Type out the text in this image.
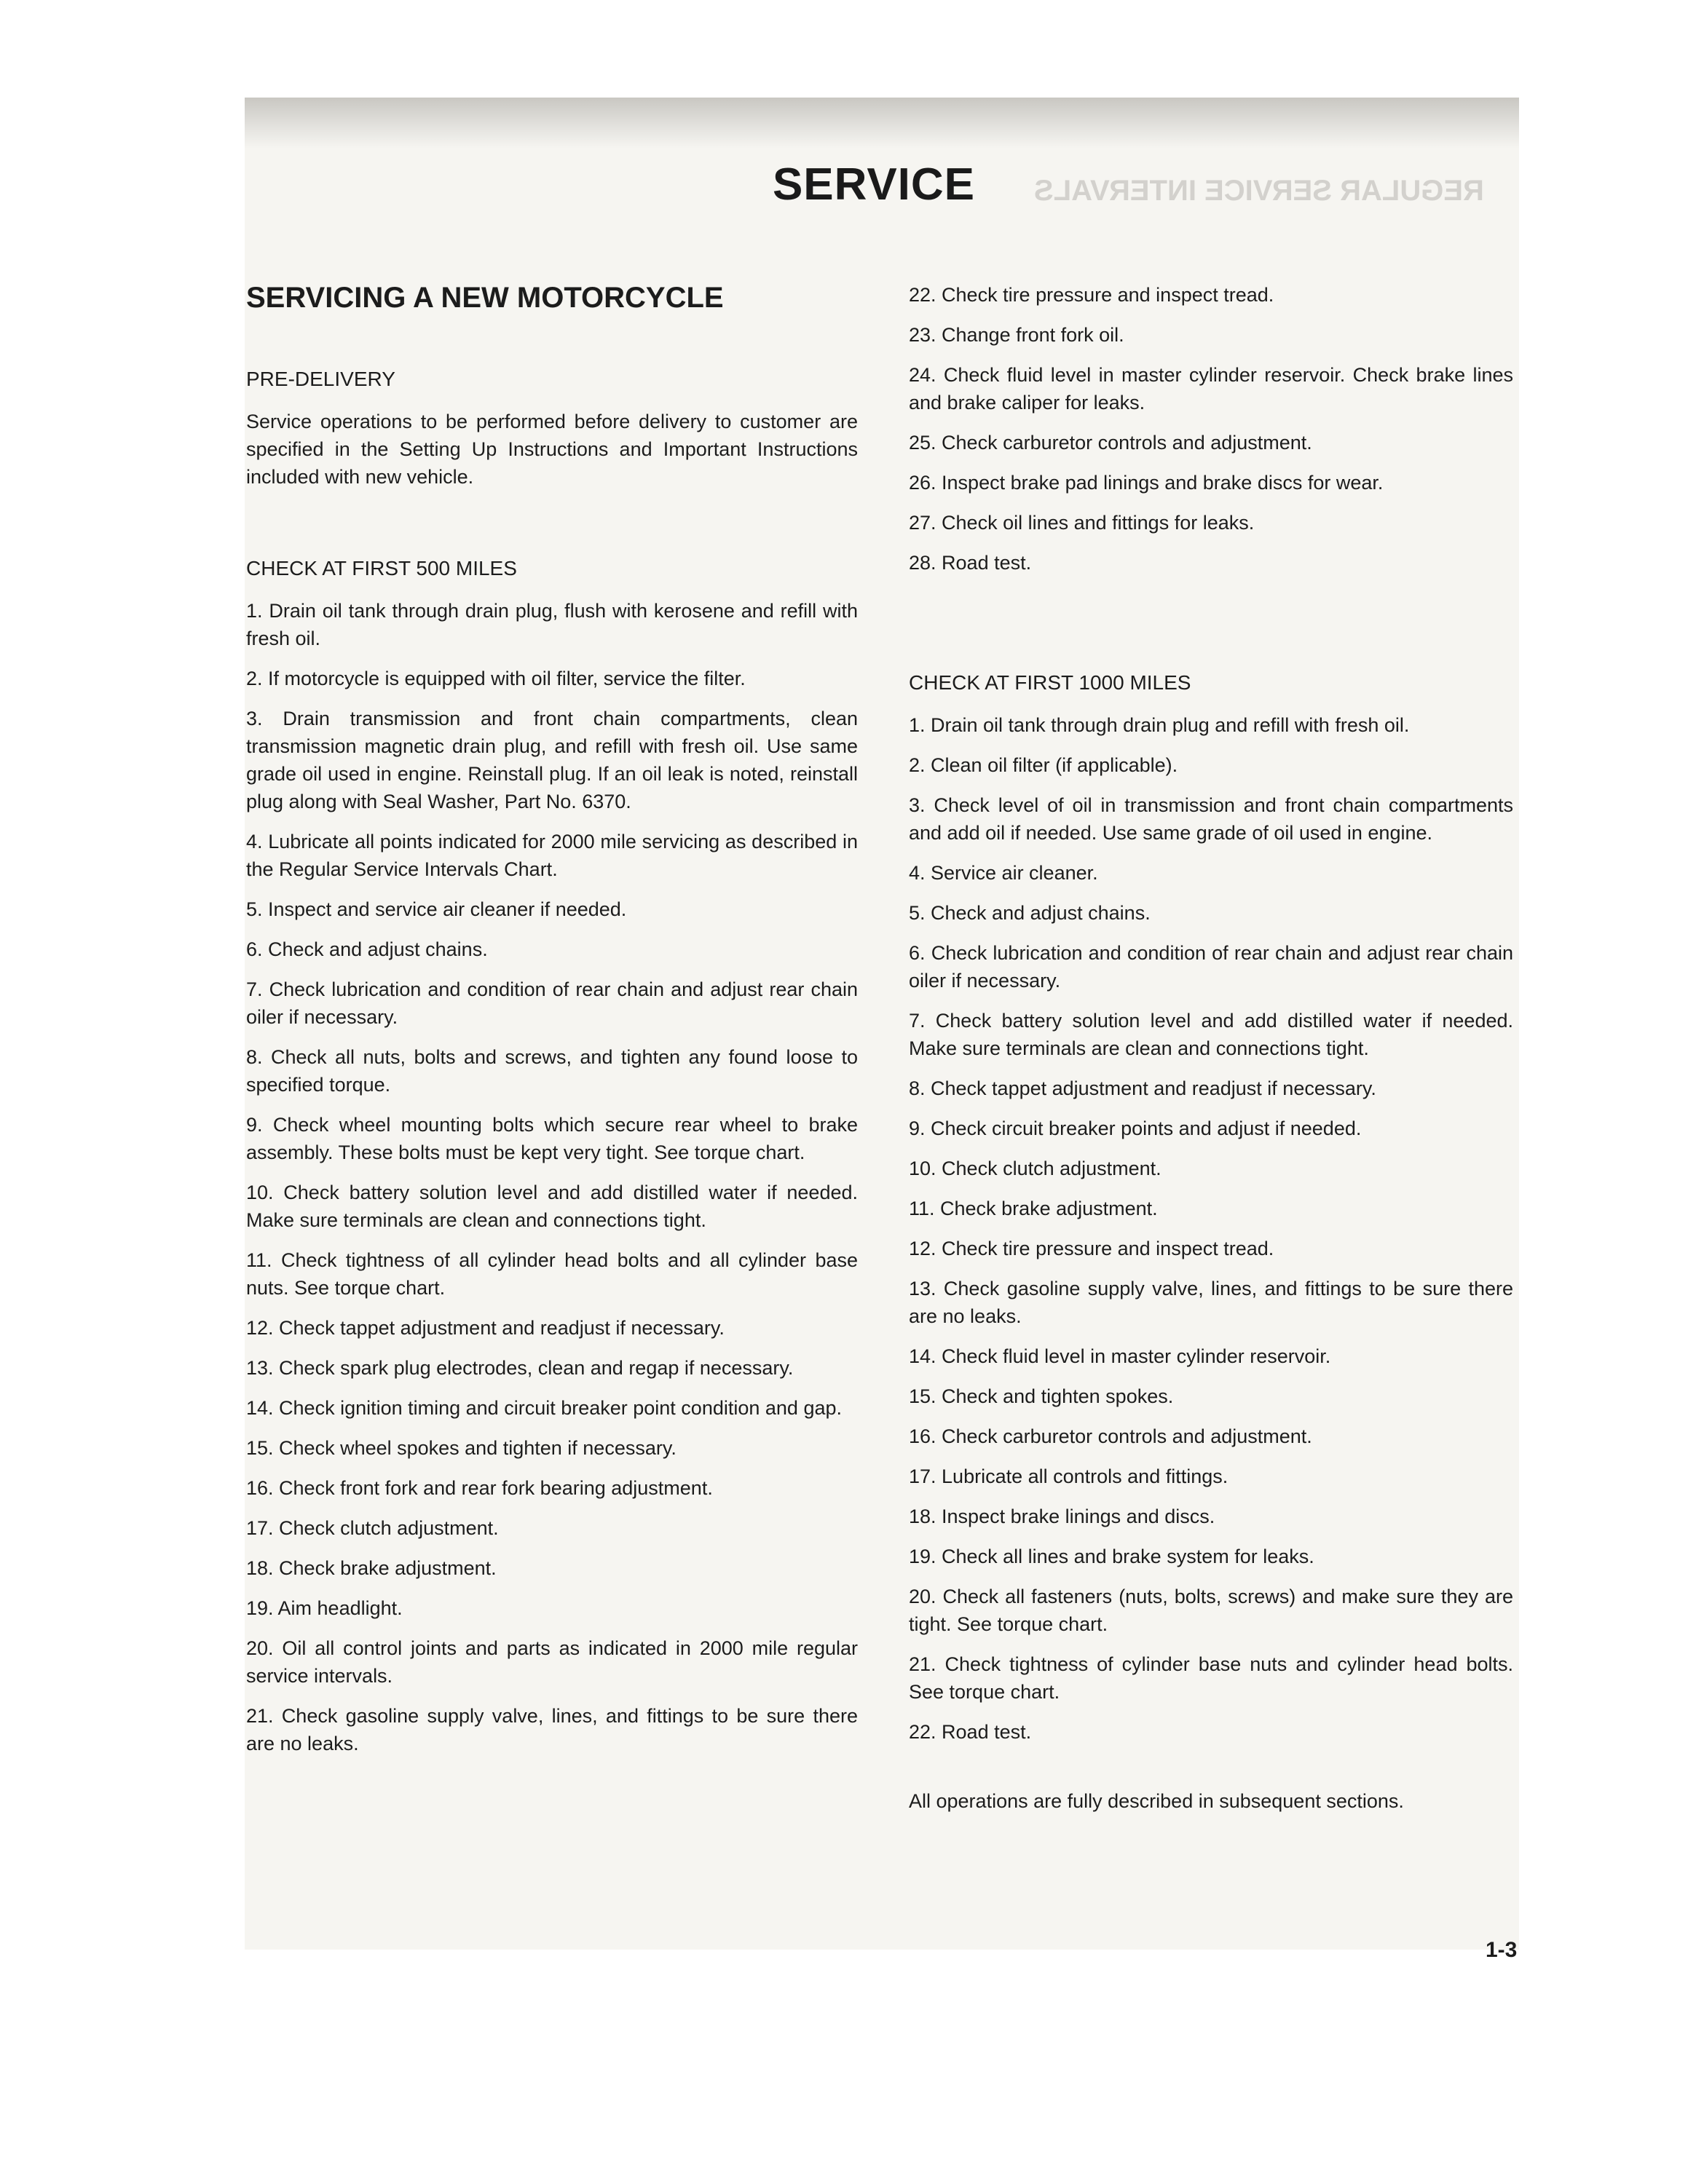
REGULAR SERVICE INTERVALS
SERVICE
SERVICING A NEW MOTORCYCLE
PRE-DELIVERY

Service operations to be performed before delivery to customer are specified in the Setting Up Instructions and Important Instructions included with new vehicle.

CHECK AT FIRST 500 MILES

1. Drain oil tank through drain plug, flush with kerosene and refill with fresh oil.

2. If motorcycle is equipped with oil filter, service the filter.

3. Drain transmission and front chain compartments, clean transmission magnetic drain plug, and refill with fresh oil. Use same grade oil used in engine. Reinstall plug. If an oil leak is noted, reinstall plug along with Seal Washer, Part No. 6370.

4. Lubricate all points indicated for 2000 mile servicing as described in the Regular Service Intervals Chart.

5. Inspect and service air cleaner if needed.

6. Check and adjust chains.

7. Check lubrication and condition of rear chain and adjust rear chain oiler if necessary.

8. Check all nuts, bolts and screws, and tighten any found loose to specified torque.

9. Check wheel mounting bolts which secure rear wheel to brake assembly. These bolts must be kept very tight. See torque chart.

10. Check battery solution level and add distilled water if needed. Make sure terminals are clean and connections tight.

11. Check tightness of all cylinder head bolts and all cylinder base nuts. See torque chart.

12. Check tappet adjustment and readjust if necessary.

13. Check spark plug electrodes, clean and regap if necessary.

14. Check ignition timing and circuit breaker point condition and gap.

15. Check wheel spokes and tighten if necessary.

16. Check front fork and rear fork bearing adjustment.

17. Check clutch adjustment.

18. Check brake adjustment.

19. Aim headlight.

20. Oil all control joints and parts as indicated in 2000 mile regular service intervals.

21. Check gasoline supply valve, lines, and fittings to be sure there are no leaks.

22. Check tire pressure and inspect tread.

23. Change front fork oil.

24. Check fluid level in master cylinder reservoir. Check brake lines and brake caliper for leaks.

25. Check carburetor controls and adjustment.

26. Inspect brake pad linings and brake discs for wear.

27. Check oil lines and fittings for leaks.

28. Road test.

CHECK AT FIRST 1000 MILES

1. Drain oil tank through drain plug and refill with fresh oil.

2. Clean oil filter (if applicable).

3. Check level of oil in transmission and front chain compartments and add oil if needed. Use same grade of oil used in engine.

4. Service air cleaner.

5. Check and adjust chains.

6. Check lubrication and condition of rear chain and adjust rear chain oiler if necessary.

7. Check battery solution level and add distilled water if needed. Make sure terminals are clean and connections tight.

8. Check tappet adjustment and readjust if necessary.

9. Check circuit breaker points and adjust if needed.

10. Check clutch adjustment.

11. Check brake adjustment.

12. Check tire pressure and inspect tread.

13. Check gasoline supply valve, lines, and fittings to be sure there are no leaks.

14. Check fluid level in master cylinder reservoir.

15. Check and tighten spokes.

16. Check carburetor controls and adjustment.

17. Lubricate all controls and fittings.

18. Inspect brake linings and discs.

19. Check all lines and brake system for leaks.

20. Check all fasteners (nuts, bolts, screws) and make sure they are tight. See torque chart.

21. Check tightness of cylinder base nuts and cylinder head bolts. See torque chart.

22. Road test.

All operations are fully described in subsequent sections.

1-3
